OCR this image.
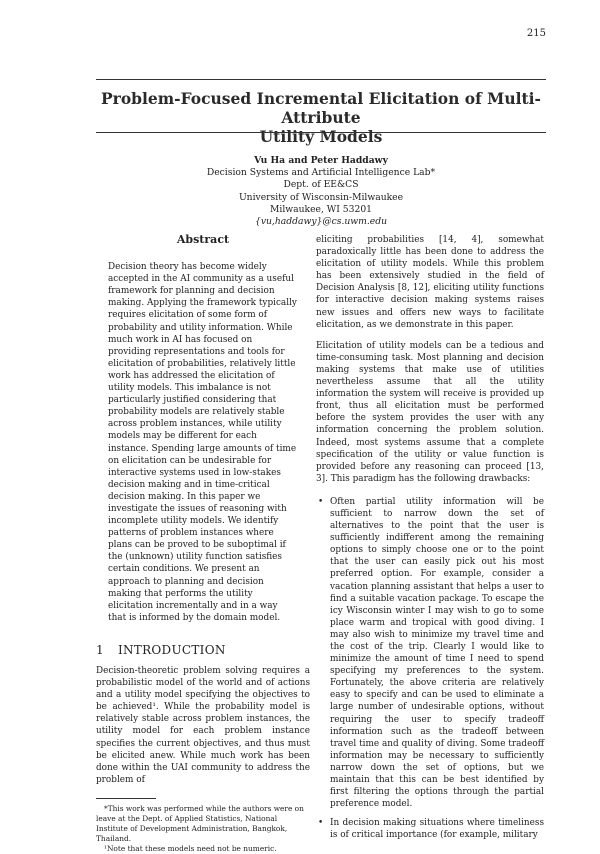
215
Problem-Focused Incremental Elicitation of Multi-Attribute
Utility Models
Vu Ha and Peter Haddawy
Decision Systems and Artificial Intelligence Lab*
Dept. of EE&CS
University of Wisconsin-Milwaukee
Milwaukee, WI 53201
{vu,haddawy}@cs.uwm.edu
Abstract

Decision theory has become widely accepted in the AI community as a useful framework for planning and decision making. Applying the framework typically requires elicitation of some form of probability and utility information. While much work in AI has focused on providing representations and tools for elicitation of probabilities, relatively little work has addressed the elicitation of utility models. This imbalance is not particularly justified considering that probability models are relatively stable across problem instances, while utility models may be different for each instance. Spending large amounts of time on elicitation can be undesirable for interactive systems used in low-stakes decision making and in time-critical decision making. In this paper we investigate the issues of reasoning with incomplete utility models. We identify patterns of problem instances where plans can be proved to be suboptimal if the (unknown) utility function satisfies certain conditions. We present an approach to planning and decision making that performs the utility elicitation incrementally and in a way that is informed by the domain model.

1 INTRODUCTION

Decision-theoretic problem solving requires a probabilistic model of the world and of actions and a utility model specifying the objectives to be achieved¹. While the probability model is relatively stable across problem instances, the utility model for each problem instance specifies the current objectives, and thus must be elicited anew. While much work has been done within the UAI community to address the problem of

*This work was performed while the authors were on leave at the Dept. of Applied Statistics, National Institute of Development Administration, Bangkok, Thailand.

¹Note that these models need not be numeric.

eliciting probabilities [14, 4], somewhat paradoxically little has been done to address the elicitation of utility models. While this problem has been extensively studied in the field of Decision Analysis [8, 12], eliciting utility functions for interactive decision making systems raises new issues and offers new ways to facilitate elicitation, as we demonstrate in this paper.

Elicitation of utility models can be a tedious and time-consuming task. Most planning and decision making systems that make use of utilities nevertheless assume that all the utility information the system will receive is provided up front, thus all elicitation must be performed before the system provides the user with any information concerning the problem solution. Indeed, most systems assume that a complete specification of the utility or value function is provided before any reasoning can proceed [13, 3]. This paradigm has the following drawbacks:

• Often partial utility information will be sufficient to narrow down the set of alternatives to the point that the user is sufficiently indifferent among the remaining options to simply choose one or to the point that the user can easily pick out his most preferred option. For example, consider a vacation planning assistant that helps a user to find a suitable vacation package. To escape the icy Wisconsin winter I may wish to go to some place warm and tropical with good diving. I may also wish to minimize my travel time and the cost of the trip. Clearly I would like to minimize the amount of time I need to spend specifying my preferences to the system. Fortunately, the above criteria are relatively easy to specify and can be used to eliminate a large number of undesirable options, without requiring the user to specify tradeoff information such as the tradeoff between travel time and quality of diving. Some tradeoff information may be necessary to sufficiently narrow down the set of options, but we maintain that this can be best identified by first filtering the options through the partial preference model.
• In decision making situations where timeliness is of critical importance (for example, military
